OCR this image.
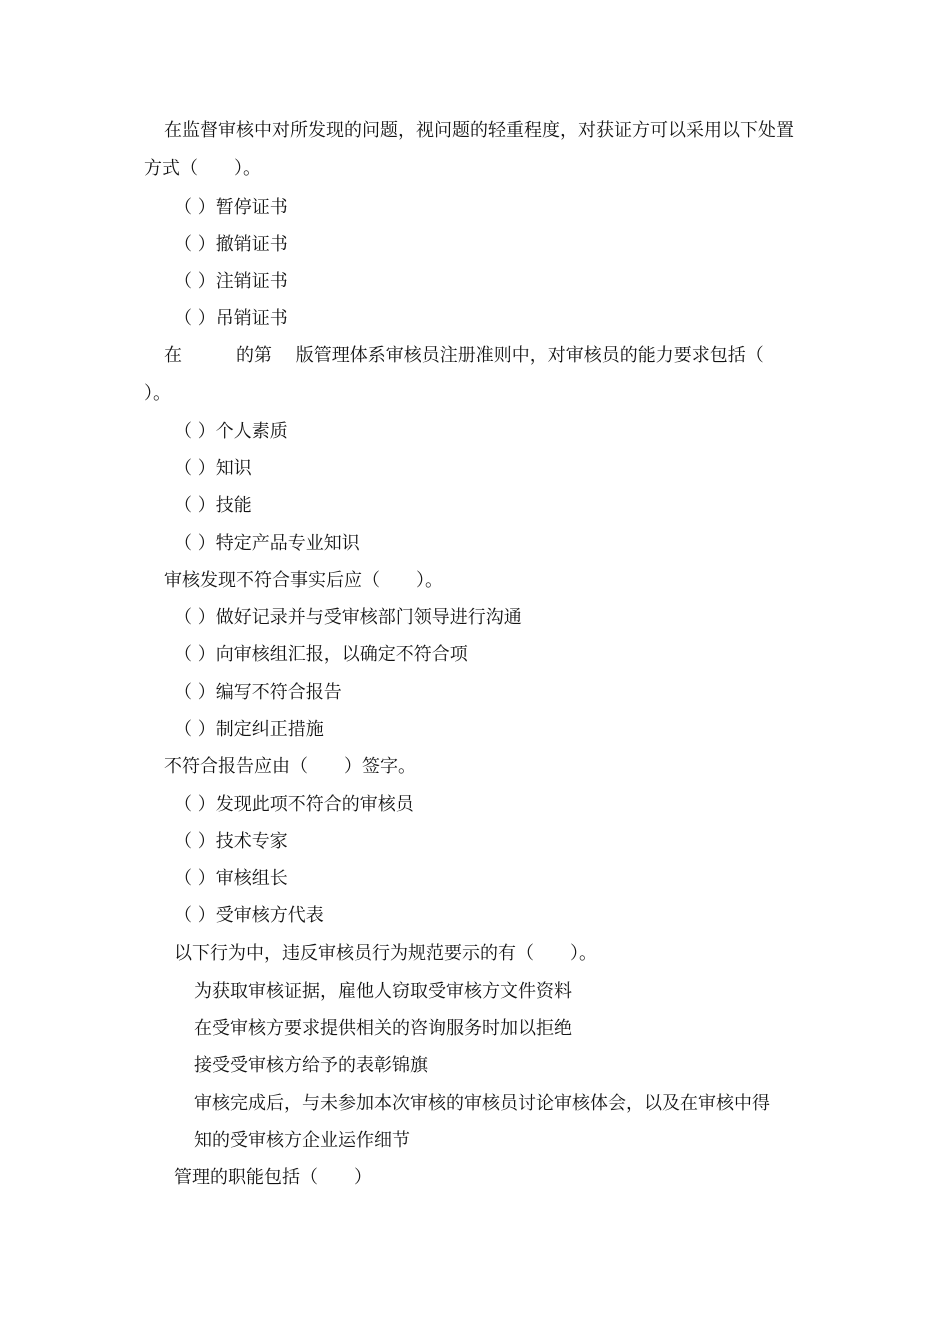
在监督审核中对所发现的问题，视问题的轻重程度，对获证方可以采用以下处置方式（　　）。
（ ）暂停证书
（ ）撤销证书
（ ）注销证书
（ ）吊销证书
在　　　的第　 版管理体系审核员注册准则中，对审核员的能力要求包括（　　）。
（ ）个人素质
（ ）知识
（ ）技能
（ ）特定产品专业知识
审核发现不符合事实后应（　　）。
（ ）做好记录并与受审核部门领导进行沟通
（ ）向审核组汇报，以确定不符合项
（ ）编写不符合报告
（ ）制定纠正措施
不符合报告应由（　　）签字。
（ ）发现此项不符合的审核员
（ ）技术专家
（ ）审核组长
（ ）受审核方代表
以下行为中，违反审核员行为规范要示的有（　　）。
为获取审核证据，雇他人窃取受审核方文件资料
在受审核方要求提供相关的咨询服务时加以拒绝
接受受审核方给予的表彰锦旗
审核完成后，与未参加本次审核的审核员讨论审核体会，以及在审核中得
知的受审核方企业运作细节
管理的职能包括（　　）
